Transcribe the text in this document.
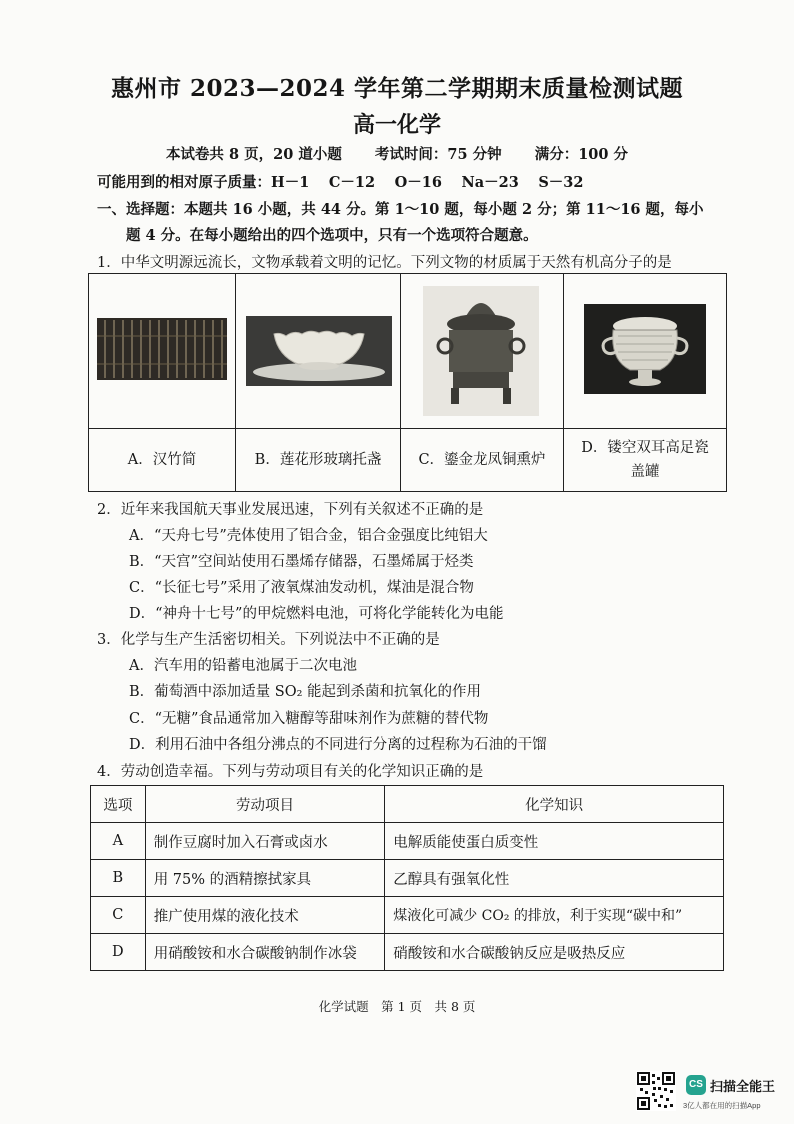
惠州市 2023—2024 学年第二学期期末质量检测试题
高一化学
本试卷共 8 页，20 道小题 考试时间：75 分钟 满分：100 分
可能用到的相对原子质量：H－1　 C－12　 O－16　 Na－23　 S－32
一、选择题：本题共 16 小题，共 44 分。第 1～10 题，每小题 2 分；第 11～16 题，每小
题 4 分。在每小题给出的四个选项中，只有一个选项符合题意。
1．中华文明源远流长，文物承载着文明的记忆。下列文物的材质属于天然有机高分子的是

A．汉竹简	B．莲花形玻璃托盏	C．鎏金龙凤铜熏炉	D．镂空双耳高足瓷
盖罐
2．近年来我国航天事业发展迅速，下列有关叙述不正确的是
A．“天舟七号”壳体使用了铝合金，铝合金强度比纯铝大
B．“天宫”空间站使用石墨烯存储器，石墨烯属于烃类
C．“长征七号”采用了液氧煤油发动机，煤油是混合物
D．“神舟十七号”的甲烷燃料电池，可将化学能转化为电能
3．化学与生产生活密切相关。下列说法中不正确的是
A．汽车用的铅蓄电池属于二次电池
B．葡萄酒中添加适量 SO₂ 能起到杀菌和抗氧化的作用
C．“无糖”食品通常加入糖醇等甜味剂作为蔗糖的替代物
D．利用石油中各组分沸点的不同进行分离的过程称为石油的干馏
4．劳动创造幸福。下列与劳动项目有关的化学知识正确的是
选项	劳动项目	化学知识
A	制作豆腐时加入石膏或卤水	电解质能使蛋白质变性
B	用 75% 的酒精擦拭家具	乙醇具有强氧化性
C	推广使用煤的液化技术	煤液化可减少 CO₂ 的排放，利于实现“碳中和”
D	用硝酸铵和水合碳酸钠制作冰袋	硝酸铵和水合碳酸钠反应是吸热反应
化学试题　第 1 页　共 8 页
CS 扫描全能王
3亿人都在用的扫描App
